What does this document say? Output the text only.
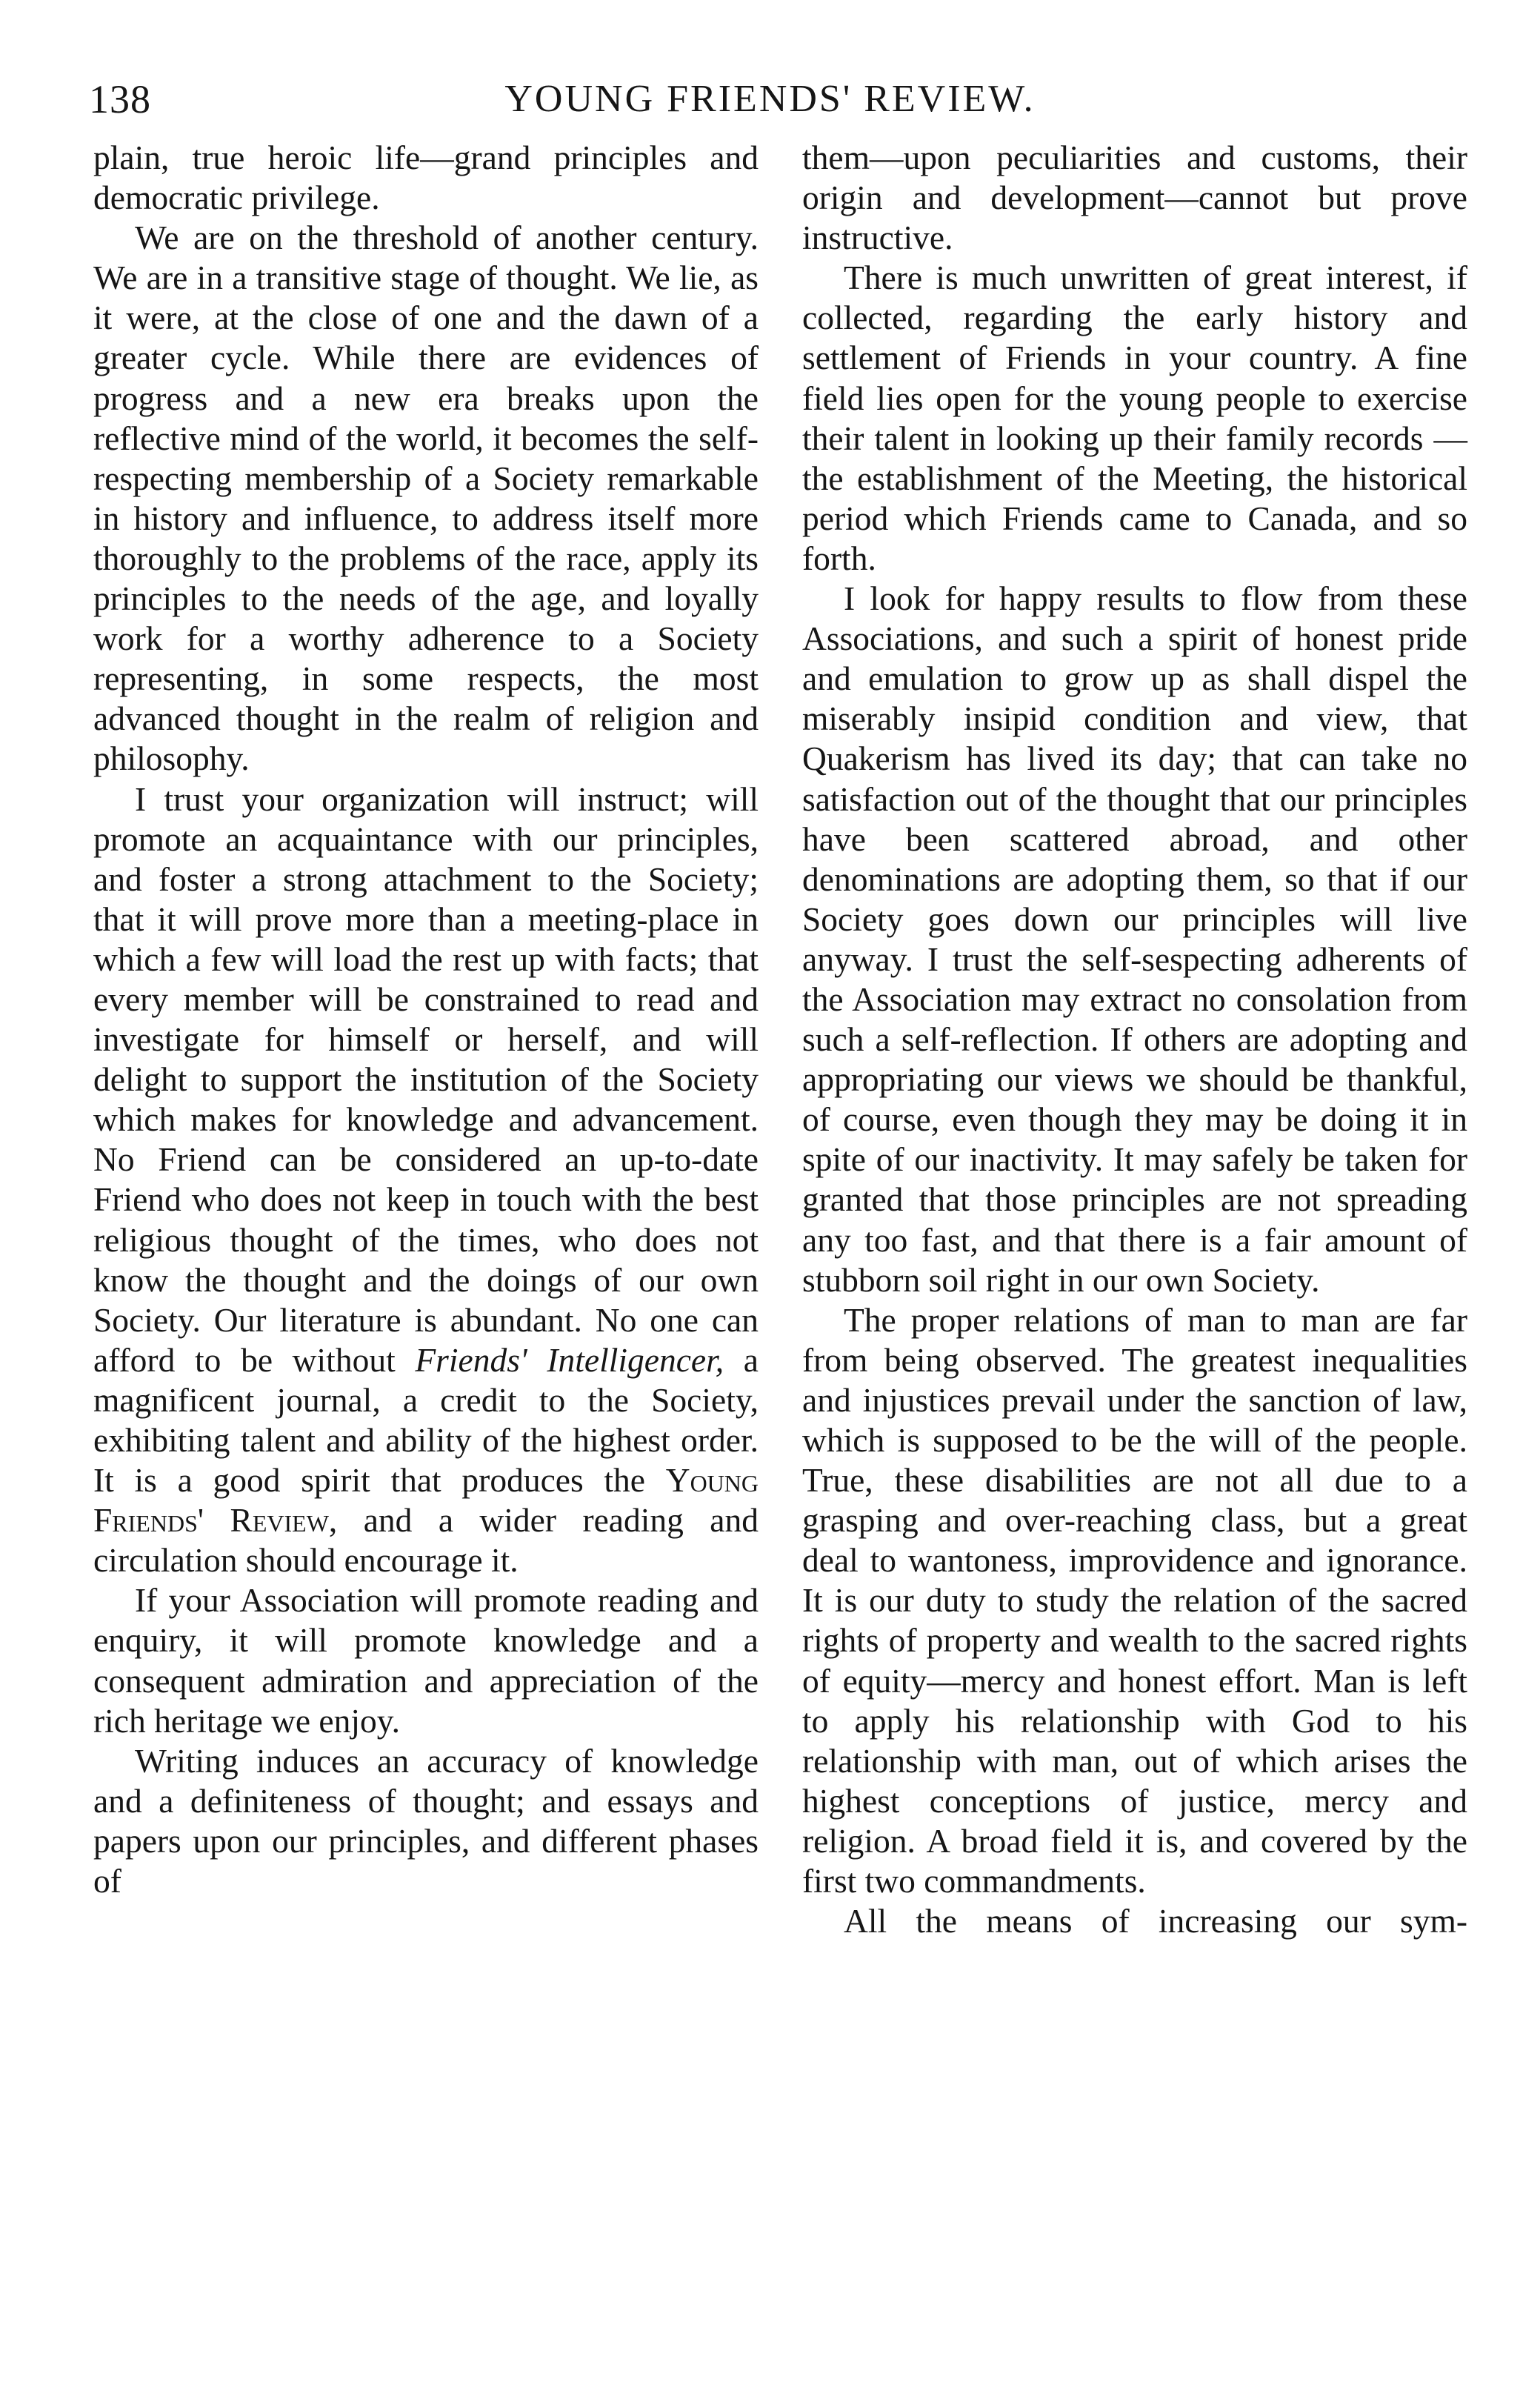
138	YOUNG FRIENDS' REVIEW.

plain, true heroic life—grand principles and democratic privilege.

We are on the threshold of another century. We are in a transitive stage of thought. We lie, as it were, at the close of one and the dawn of a greater cycle. While there are evidences of progress and a new era breaks upon the reflective mind of the world, it becomes the self-respecting membership of a Society remarkable in history and influence, to address itself more thoroughly to the problems of the race, apply its principles to the needs of the age, and loyally work for a worthy adherence to a Society representing, in some respects, the most advanced thought in the realm of religion and philosophy.

I trust your organization will instruct; will promote an acquaintance with our principles, and foster a strong attachment to the Society; that it will prove more than a meeting-place in which a few will load the rest up with facts; that every member will be constrained to read and investigate for himself or herself, and will delight to support the institution of the Society which makes for knowledge and advancement. No Friend can be considered an up-to-date Friend who does not keep in touch with the best religious thought of the times, who does not know the thought and the doings of our own Society. Our literature is abundant. No one can afford to be without Friends' Intelligencer, a magnificent journal, a credit to the Society, exhibiting talent and ability of the highest order. It is a good spirit that produces the Young Friends' Review, and a wider reading and circulation should encourage it.

If your Association will promote reading and enquiry, it will promote knowledge and a consequent admiration and appreciation of the rich heritage we enjoy.

Writing induces an accuracy of knowledge and a definiteness of thought; and essays and papers upon our principles, and different phases of

them—upon peculiarities and customs, their origin and development—cannot but prove instructive.

There is much unwritten of great interest, if collected, regarding the early history and settlement of Friends in your country. A fine field lies open for the young people to exercise their talent in looking up their family records —the establishment of the Meeting, the historical period which Friends came to Canada, and so forth.

I look for happy results to flow from these Associations, and such a spirit of honest pride and emulation to grow up as shall dispel the miserably insipid condition and view, that Quakerism has lived its day; that can take no satisfaction out of the thought that our principles have been scattered abroad, and other denominations are adopting them, so that if our Society goes down our principles will live anyway. I trust the self-sespecting adherents of the Association may extract no consolation from such a self-reflection. If others are adopting and appropriating our views we should be thankful, of course, even though they may be doing it in spite of our inactivity. It may safely be taken for granted that those principles are not spreading any too fast, and that there is a fair amount of stubborn soil right in our own Society.

The proper relations of man to man are far from being observed. The greatest inequalities and injustices prevail under the sanction of law, which is supposed to be the will of the people. True, these disabilities are not all due to a grasping and over-reaching class, but a great deal to wantoness, improvidence and ignorance. It is our duty to study the relation of the sacred rights of property and wealth to the sacred rights of equity—mercy and honest effort. Man is left to apply his relationship with God to his relationship with man, out of which arises the highest conceptions of justice, mercy and religion. A broad field it is, and covered by the first two commandments.

All the means of increasing our sym-
